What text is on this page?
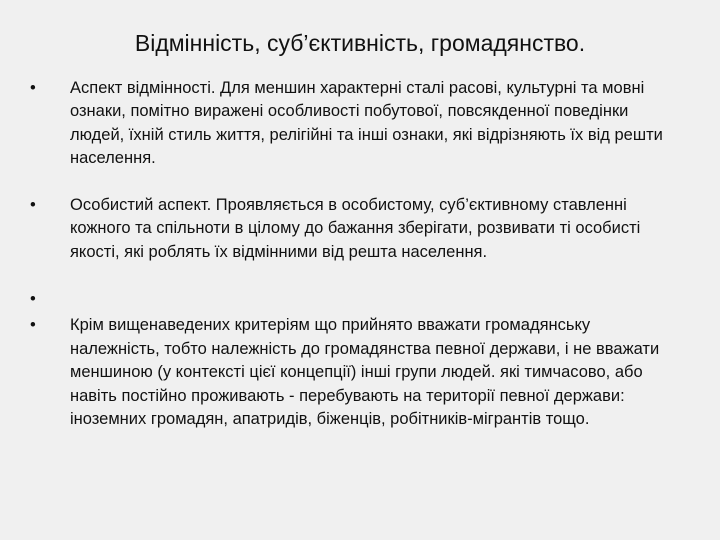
Відмінність, суб’єктивність, громадянство.
•	Аспект відмінності. Для меншин характерні сталі расові, культурні та мовні ознаки, помітно виражені особливості побутової, повсякденної поведінки людей, їхній стиль життя, релігійні та інші ознаки, які відрізняють їх від решти населення.
•	Особистий аспект. Проявляється в особистому, суб’єктивному ставленні кожного та спільноти в цілому до бажання зберігати, розвивати ті особисті якості, які роблять їх відмінними від решта населення.
•
•	Крім вищенаведених критеріям що прийнято вважати громадянську належність, тобто належність до громадянства певної держави, і не вважати меншиною (у контексті цієї концепції) інші групи людей. які тимчасово, або навіть постійно проживають - перебувають на території певної держави: іноземних громадян, апатридів, біженців, робітників-мігрантів тощо.
